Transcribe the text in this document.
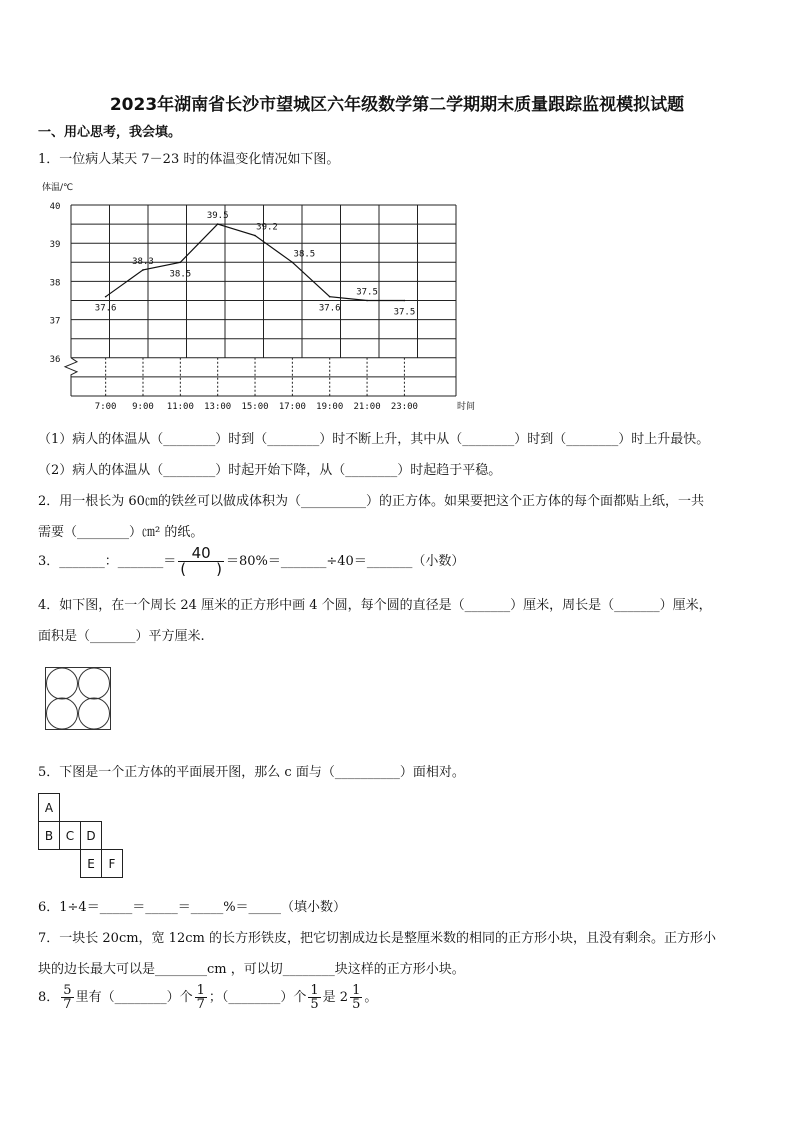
2023年湖南省长沙市望城区六年级数学第二学期期末质量跟踪监视模拟试题
一、用心思考，我会填。
1．一位病人某天 7－23 时的体温变化情况如下图。
40
39
38
37
36
体温/℃
7:00 9:00 11:00 13:00 15:00 17:00 19:00 21:00 23:00	时间
37.6
38.3
38.5
39.5
39.2
38.5
37.6
37.5
37.5
（1）病人的体温从（________）时到（________）时不断上升，其中从（________）时到（________）时上升最快。
（2）病人的体温从（________）时起开始下降，从（________）时起趋于平稳。
2．用一根长为 60㎝的铁丝可以做成体积为（__________）的正方体。如果要把这个正方体的每个面都贴上纸，一共
需要（________）㎝² 的纸。
3．_______：_______＝ $\frac{40}{( )}$ ＝80%＝_______÷40＝_______（小数）
4．如下图，在一个周长 24 厘米的正方形中画 4 个圆，每个圆的直径是（_______）厘米，周长是（_______）厘米，
面积是（_______）平方厘米.
5．下图是一个正方体的平面展开图，那么 c 面与（__________）面相对。
A
B C D
E F
6．1÷4＝_____＝_____＝_____%＝_____（填小数）
7．一块长 20cm，宽 12cm 的长方形铁皮，把它切割成边长是整厘米数的相同的正方形小块，且没有剩余。正方形小
块的边长最大可以是________cm ，可以切________块这样的正方形小块。
8． $\frac{5}{7}$ 里有（________）个 $\frac{1}{7}$ ；（________）个 $\frac{1}{5}$ 是 $2 \frac{1}{5}$ 。
